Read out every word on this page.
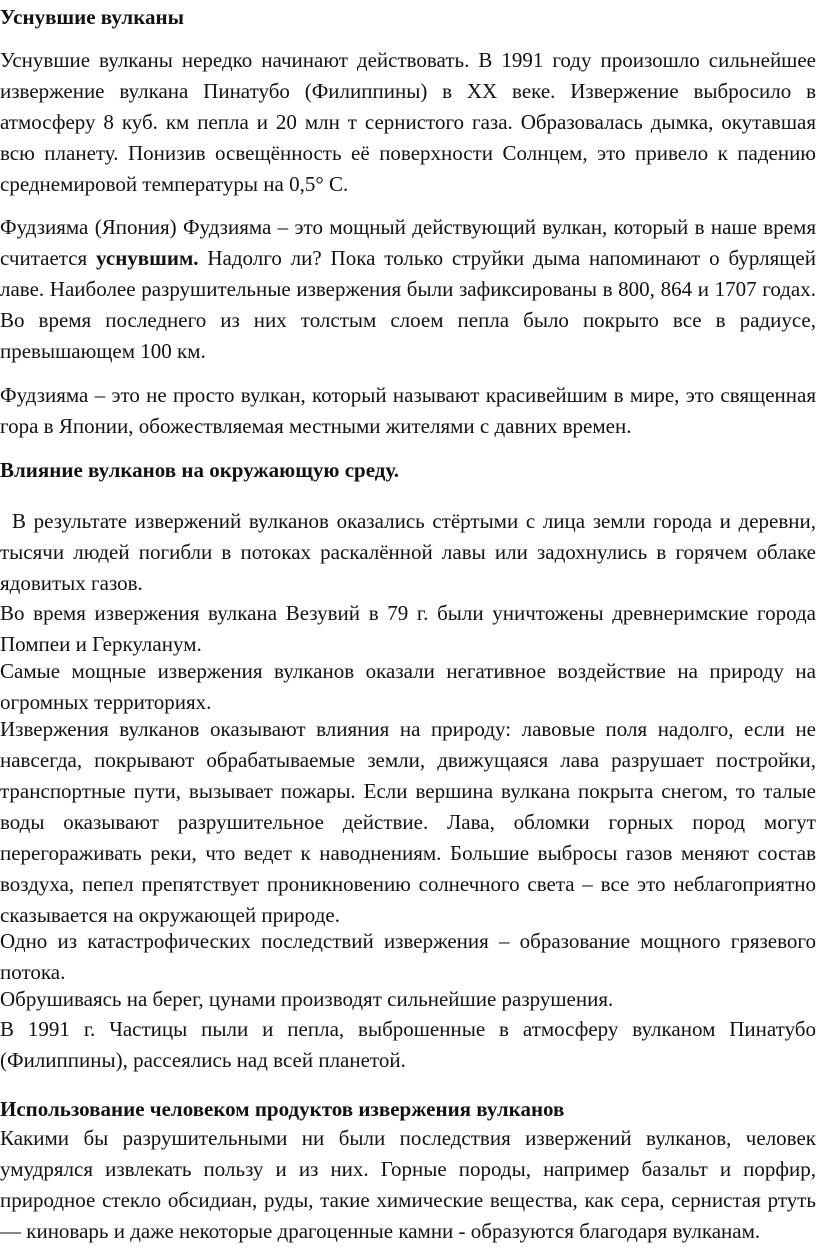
Уснувшие вулканы
Уснувшие вулканы нередко начинают действовать. В 1991 году произошло сильнейшее извержение вулкана Пинатубо (Филиппины) в XX веке. Извержение выбросило в атмосферу 8 куб. км пепла и 20 млн т сернистого газа. Образовалась дымка, окутавшая всю планету. Понизив освещённость её поверхности Солнцем, это привело к падению среднемировой температуры на 0,5° С.
Фудзияма (Япония) Фудзияма – это мощный действующий вулкан, который в наше время считается уснувшим. Надолго ли? Пока только струйки дыма напоминают о бурлящей лаве. Наиболее разрушительные извержения были зафиксированы в 800, 864 и 1707 годах. Во время последнего из них толстым слоем пепла было покрыто все в радиусе, превышающем 100 км.
Фудзияма – это не просто вулкан, который называют красивейшим в мире, это священная гора в Японии, обожествляемая местными жителями с давних времен.
Влияние вулканов на окружающую среду.
В результате извержений вулканов оказались стёртыми с лица земли города и деревни, тысячи людей погибли в потоках раскалённой лавы или задохнулись в горячем облаке ядовитых газов.
Во время извержения вулкана Везувий в 79 г. были уничтожены древнеримские города Помпеи и Геркуланум.
Самые мощные извержения вулканов оказали негативное воздействие на природу на огромных территориях.
Извержения вулканов оказывают влияния на природу: лавовые поля надолго, если не навсегда, покрывают обрабатываемые земли, движущаяся лава разрушает постройки, транспортные пути, вызывает пожары. Если вершина вулкана покрыта снегом, то талые воды оказывают разрушительное действие. Лава, обломки горных пород могут перегораживать реки, что ведет к наводнениям. Большие выбросы газов меняют состав воздуха, пепел препятствует проникновению солнечного света – все это неблагоприятно сказывается на окружающей природе.
Одно из катастрофических последствий извержения – образование мощного грязевого потока.
Обрушиваясь на берег, цунами производят сильнейшие разрушения.
В 1991 г. Частицы пыли и пепла, выброшенные в атмосферу вулканом Пинатубо (Филиппины), рассеялись над всей планетой.
Использование человеком продуктов извержения вулканов
Какими бы разрушительными ни были последствия извержений вулканов, человек умудрялся извлекать пользу и из них. Горные породы, например базальт и порфир, природное стекло обсидиан, руды, такие химические вещества, как сера, сернистая ртуть — киноварь и даже некоторые драгоценные камни - образуются благодаря вулканам.
